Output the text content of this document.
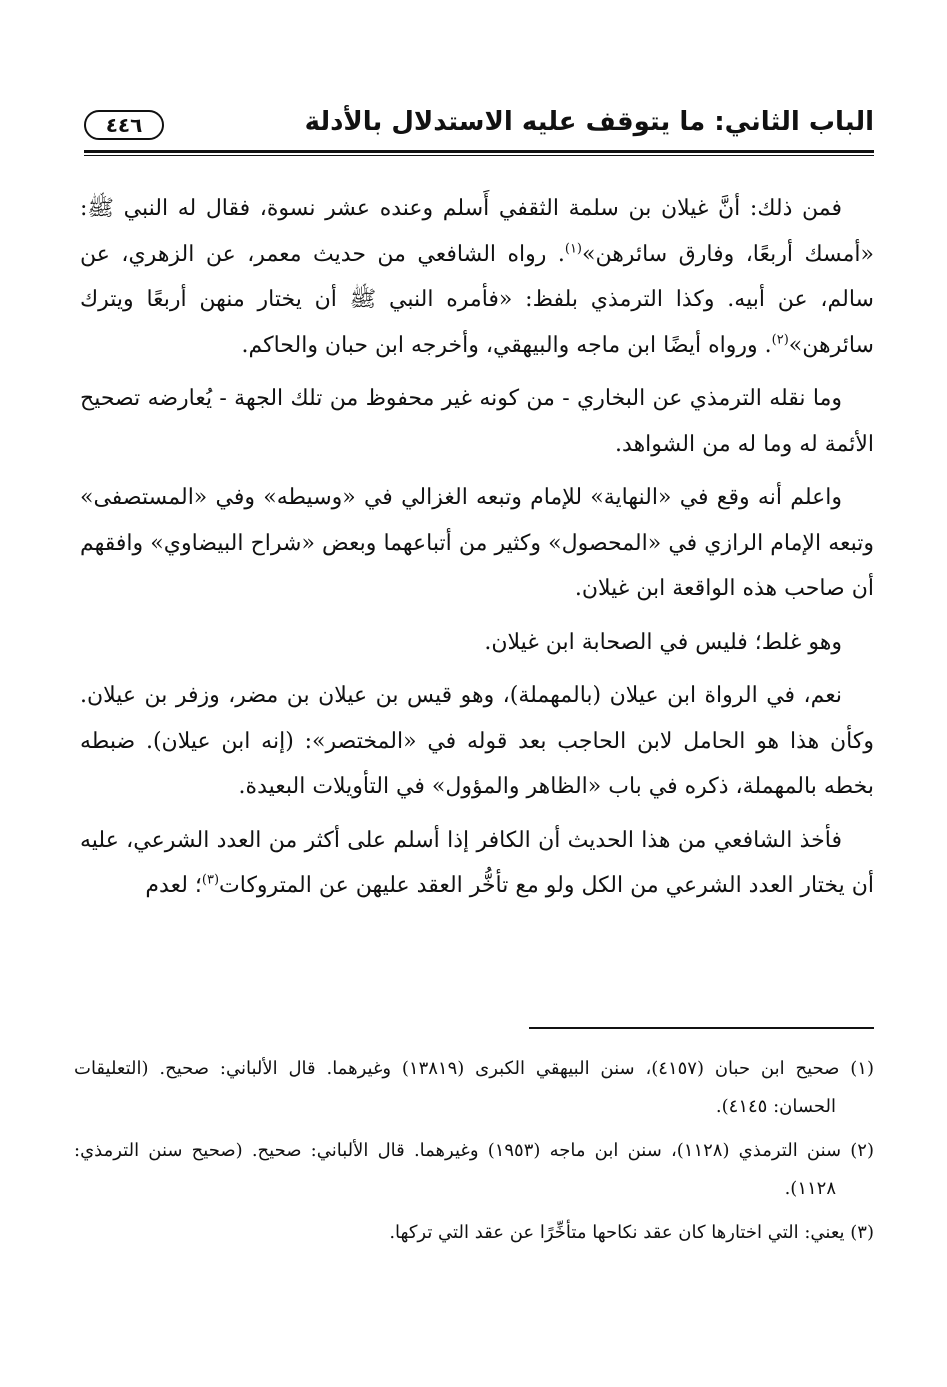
الباب الثاني: ما يتوقف عليه الاستدلال بالأدلة
٤٤٦

فمن ذلك: أنَّ غيلان بن سلمة الثقفي أَسلم وعنده عشر نسوة، فقال له النبي ﷺ: «أمسك أربعًا، وفارق سائرهن»$^{(١)}$. رواه الشافعي من حديث معمر، عن الزهري، عن سالم، عن أبيه. وكذا الترمذي بلفظ: «فأمره النبي ﷺ أن يختار منهن أربعًا ويترك سائرهن»$^{(٢)}$. ورواه أيضًا ابن ماجه والبيهقي، وأخرجه ابن حبان والحاكم.

وما نقله الترمذي عن البخاري - من كونه غير محفوظ من تلك الجهة - يُعارضه تصحيح الأئمة له وما له من الشواهد.

واعلم أنه وقع في «النهاية» للإمام وتبعه الغزالي في «وسيطه» وفي «المستصفى» وتبعه الإمام الرازي في «المحصول» وكثير من أتباعهما وبعض «شراح البيضاوي» وافقهم أن صاحب هذه الواقعة ابن غيلان.

وهو غلط؛ فليس في الصحابة ابن غيلان.

نعم، في الرواة ابن عيلان (بالمهملة)، وهو قيس بن عيلان بن مضر، وزفر بن عيلان. وكأن هذا هو الحامل لابن الحاجب بعد قوله في «المختصر»: (إنه ابن عيلان). ضبطه بخطه بالمهملة، ذكره في باب «الظاهر والمؤول» في التأويلات البعيدة.

فأخذ الشافعي من هذا الحديث أن الكافر إذا أسلم على أكثر من العدد الشرعي، عليه أن يختار العدد الشرعي من الكل ولو مع تأخُّر العقد عليهن عن المتروكات$^{(٣)}$؛ لعدم

(١) صحيح ابن حبان (٤١٥٧)، سنن البيهقي الكبرى (١٣٨١٩) وغيرهما. قال الألباني: صحيح. (التعليقات الحسان: ٤١٤٥).

(٢) سنن الترمذي (١١٢٨)، سنن ابن ماجه (١٩٥٣) وغيرهما. قال الألباني: صحيح. (صحيح سنن الترمذي: ١١٢٨).

(٣) يعني: التي اختارها كان عقد نكاحها متأخِّرًا عن عقد التي تركها.
